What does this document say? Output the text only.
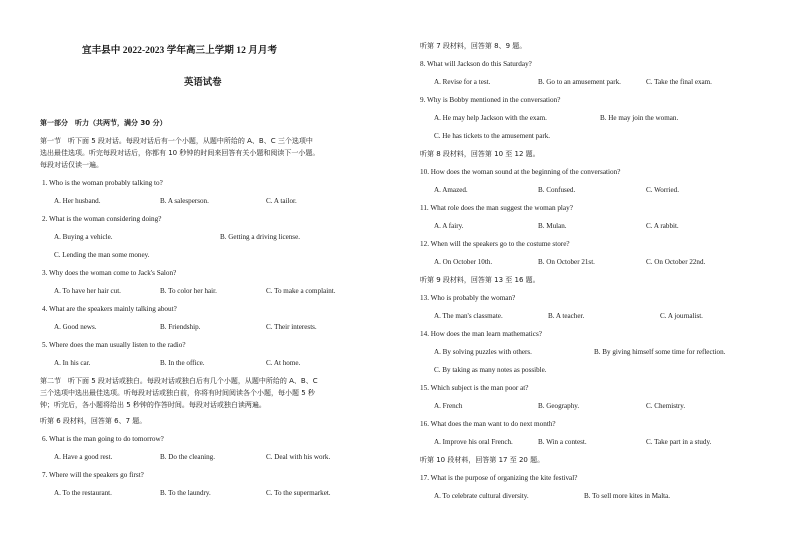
宜丰县中 2022-2023 学年高三上学期 12 月月考
英语试卷
第一部分　听力（共两节，满分 30 分）
第一节　听下面 5 段对话。每段对话后有一个小题，从题中所给的 A、B、C 三个选项中
选出最佳选项。听完每段对话后，你都有 10 秒钟的时间来回答有关小题和阅读下一小题。
每段对话仅读一遍。
1. Who is the woman probably talking to?
A. Her husband.	B. A salesperson.	C. A tailor.
2. What is the woman considering doing?
A. Buying a vehicle.	B. Getting a driving license.
C. Lending the man some money.
3. Why does the woman come to Jack's Salon?
A. To have her hair cut.	B. To color her hair.	C. To make a complaint.
4. What are the speakers mainly talking about?
A. Good news.	B. Friendship.	C. Their interests.
5. Where does the man usually listen to the radio?
A. In his car.	B. In the office.	C. At home.
第二节　听下面 5 段对话或独白。每段对话或独白后有几个小题，从题中所给的 A、B、C
三个选项中选出最佳选项。听每段对话或独白前，你将有时间阅读各个小题，每小题 5 秒
钟；听完后，各小题将给出 5 秒钟的作答时间。每段对话或独白读两遍。
听第 6 段材料，回答第 6、7 题。
6. What is the man going to do tomorrow?
A. Have a good rest.	B. Do the cleaning.	C. Deal with his work.
7. Where will the speakers go first?
A. To the restaurant.	B. To the laundry.	C. To the supermarket.
听第 7 段材料，回答第 8、9 题。
8. What will Jackson do this Saturday?
A. Revise for a test.	B. Go to an amusement park.	C. Take the final exam.
9. Why is Bobby mentioned in the conversation?
A. He may help Jackson with the exam.	B. He may join the woman.
C. He has tickets to the amusement park.
听第 8 段材料，回答第 10 至 12 题。
10. How does the woman sound at the beginning of the conversation?
A. Amazed.	B. Confused.	C. Worried.
11. What role does the man suggest the woman play?
A. A fairy.	B. Mulan.	C. A rabbit.
12. When will the speakers go to the costume store?
A. On October 10th.	B. On October 21st.	C. On October 22nd.
听第 9 段材料，回答第 13 至 16 题。
13. Who is probably the woman?
A. The man's classmate.	B. A teacher.	C. A journalist.
14. How does the man learn mathematics?
A. By solving puzzles with others.	B. By giving himself some time for reflection.
C. By taking as many notes as possible.
15. Which subject is the man poor at?
A. French	B. Geography.	C. Chemistry.
16. What does the man want to do next month?
A. Improve his oral French.	B. Win a contest.	C. Take part in a study.
听第 10 段材料，回答第 17 至 20 题。
17. What is the purpose of organizing the kite festival?
A. To celebrate cultural diversity.	B. To sell more kites in Malta.
